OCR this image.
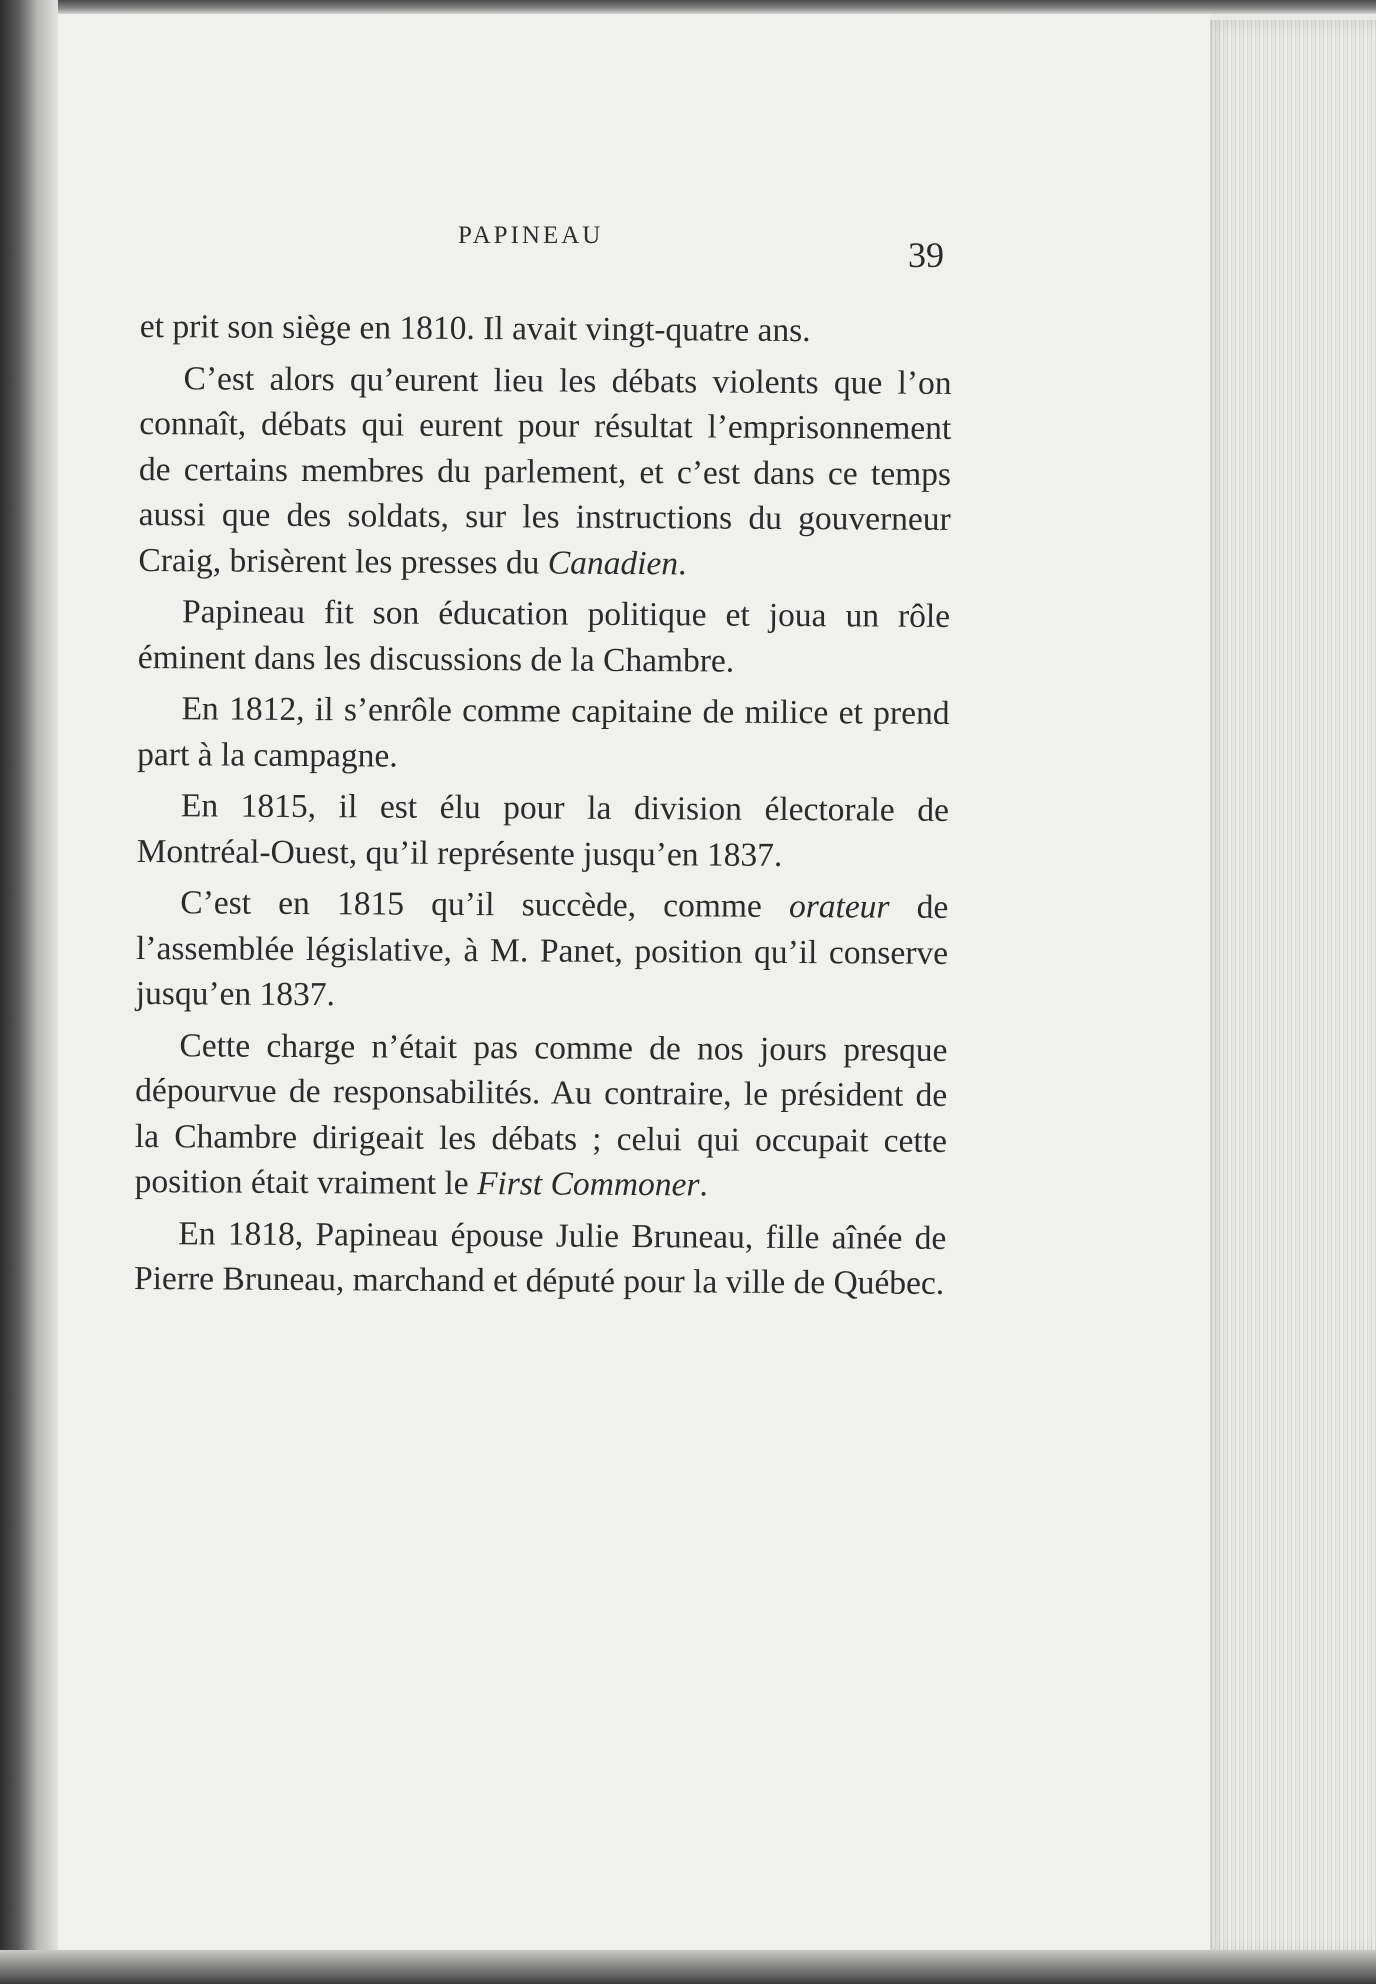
PAPINEAU	39

et prit son siège en 1810. Il avait vingt-quatre ans.

C’est alors qu’eurent lieu les débats violents que l’on connaît, débats qui eurent pour résultat l’emprisonnement de certains membres du parlement, et c’est dans ce temps aussi que des soldats, sur les instructions du gouverneur Craig, brisèrent les presses du Canadien.

Papineau fit son éducation politique et joua un rôle éminent dans les discussions de la Chambre.

En 1812, il s’enrôle comme capitaine de milice et prend part à la campagne.

En 1815, il est élu pour la division électorale de Montréal-Ouest, qu’il représente jusqu’en 1837.

C’est en 1815 qu’il succède, comme orateur de l’assemblée législative, à M. Panet, position qu’il conserve jusqu’en 1837.

Cette charge n’était pas comme de nos jours presque dépourvue de responsabilités. Au contraire, le président de la Chambre dirigeait les débats ; celui qui occupait cette position était vraiment le First Commoner.

En 1818, Papineau épouse Julie Bruneau, fille aînée de Pierre Bruneau, marchand et député pour la ville de Québec.
